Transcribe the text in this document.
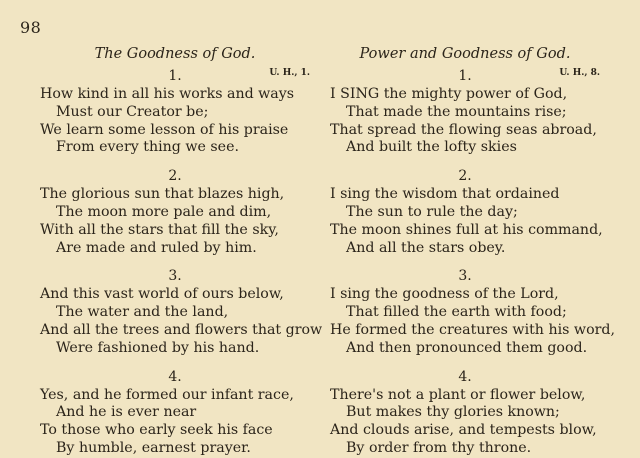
98
The Goodness of God.
1.	U. H., 1.
How kind in all his works and ways
Must our Creator be;
We learn some lesson of his praise
From every thing we see.
2.
The glorious sun that blazes high,
The moon more pale and dim,
With all the stars that fill the sky,
Are made and ruled by him.
3.
And this vast world of ours below,
The water and the land,
And all the trees and flowers that grow
Were fashioned by his hand.
4.
Yes, and he formed our infant race,
And he is ever near
To those who early seek his face
By humble, earnest prayer.
Power and Goodness of God.
1.	U. H., 8.
I SING the mighty power of God,
That made the mountains rise;
That spread the flowing seas abroad,
And built the lofty skies
2.
I sing the wisdom that ordained
The sun to rule the day;
The moon shines full at his command,
And all the stars obey.
3.
I sing the goodness of the Lord,
That filled the earth with food;
He formed the creatures with his word,
And then pronounced them good.
4.
There's not a plant or flower below,
But makes thy glories known;
And clouds arise, and tempests blow,
By order from thy throne.
